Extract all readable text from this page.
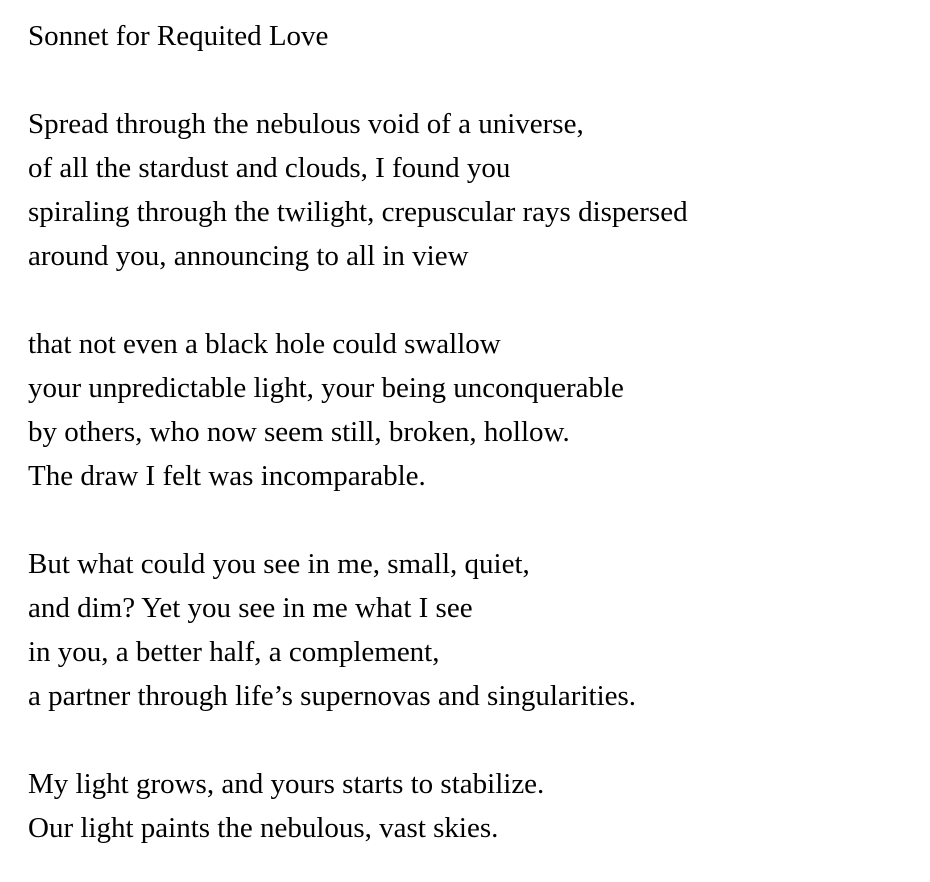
Sonnet for Requited Love
Spread through the nebulous void of a universe,
of all the stardust and clouds, I found you
spiraling through the twilight, crepuscular rays dispersed
around you, announcing to all in view
that not even a black hole could swallow
your unpredictable light, your being unconquerable
by others, who now seem still, broken, hollow.
The draw I felt was incomparable.
But what could you see in me, small, quiet,
and dim? Yet you see in me what I see
in you, a better half, a complement,
a partner through life’s supernovas and singularities.
My light grows, and yours starts to stabilize.
Our light paints the nebulous, vast skies.
